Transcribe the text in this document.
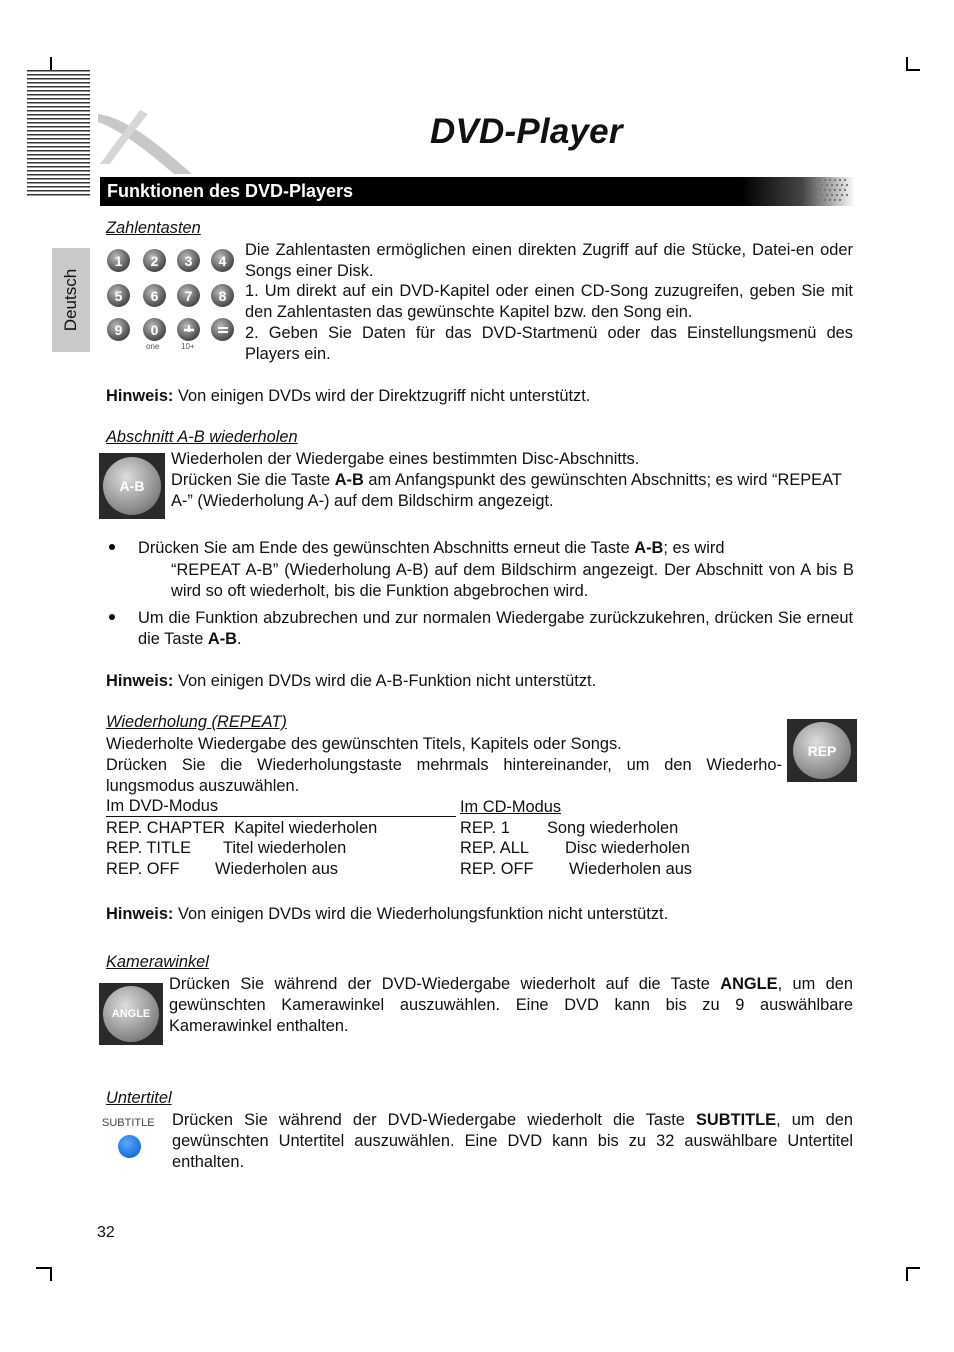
DVD-Player
Funktionen des DVD-Players
Deutsch
Zahlentasten
1	2	3	4
5	6	7	8
9	0
one	10+
Die Zahlentasten ermöglichen einen direkten Zugriff auf die Stücke, Datei-en oder Songs einer Disk.
1. Um direkt auf ein DVD-Kapitel oder einen CD-Song zuzugreifen, geben Sie mit den Zahlentasten das gewünschte Kapitel bzw. den Song ein.
2. Geben Sie Daten für das DVD-Startmenü oder das Einstellungsmenü des Players ein.
Hinweis: Von einigen DVDs wird der Direktzugriff nicht unterstützt.
Abschnitt A-B wiederholen
A-B
Wiederholen der Wiedergabe eines bestimmten Disc-Abschnitts.
Drücken Sie die Taste A-B am Anfangspunkt des gewünschten Abschnitts; es wird “REPEAT A-” (Wiederholung A-) auf dem Bildschirm angezeigt.
Drücken Sie am Ende des gewünschten Abschnitts erneut die Taste A-B; es wird
“REPEAT A-B” (Wiederholung A-B) auf dem Bildschirm angezeigt. Der Abschnitt von A bis B wird so oft wiederholt, bis die Funktion abgebrochen wird.
Um die Funktion abzubrechen und zur normalen Wiedergabe zurückzukehren, drücken Sie erneut die Taste A-B.
Hinweis: Von einigen DVDs wird die A-B-Funktion nicht unterstützt.
Wiederholung (REPEAT)
REP
Wiederholte Wiedergabe des gewünschten Titels, Kapitels oder Songs.
Drücken Sie die Wiederholungstaste mehrmals hintereinander, um den Wiederho-lungsmodus auszuwählen.
Im DVD-Modus	Im CD-Modus
REP. CHAPTER Kapitel wiederholen
REP. TITLE Titel wiederholen
REP. OFF Wiederholen aus
REP. 1 Song wiederholen
REP. ALL Disc wiederholen
REP. OFF Wiederholen aus
Hinweis: Von einigen DVDs wird die Wiederholungsfunktion nicht unterstützt.
Kamerawinkel
ANGLE
Drücken Sie während der DVD-Wiedergabe wiederholt auf die Taste ANGLE, um den gewünschten Kamerawinkel auszuwählen. Eine DVD kann bis zu 9 auswählbare Kamerawinkel enthalten.
Untertitel
SUBTITLE Drücken Sie während der DVD-Wiedergabe wiederholt die Taste SUBTITLE, um den gewünschten Untertitel auszuwählen. Eine DVD kann bis zu 32 auswählbare Untertitel enthalten.
32
